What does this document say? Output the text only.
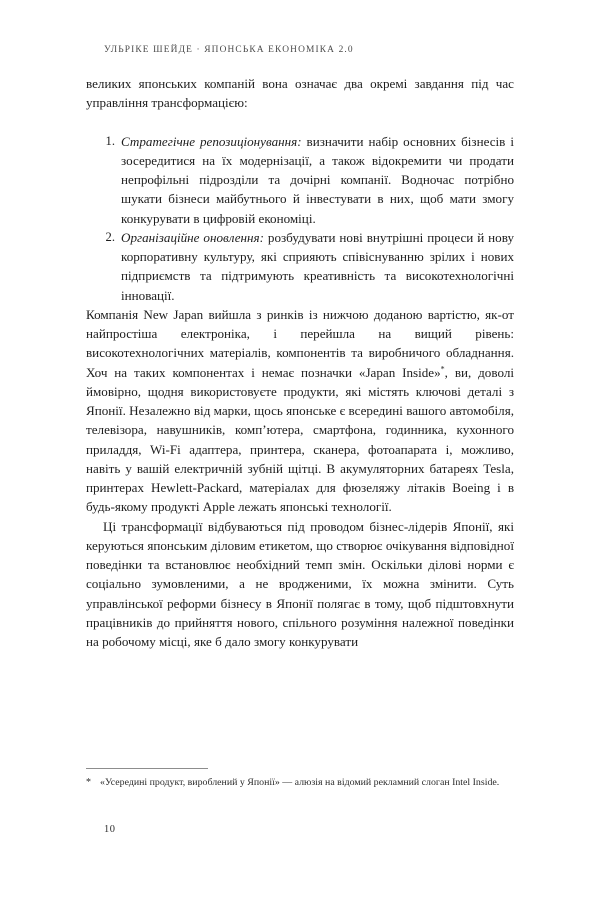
УЛЬРІКЕ ШЕЙДЕ · ЯПОНСЬКА ЕКОНОМІКА 2.0

великих японських компаній вона означає два окремі завдання під час управління трансформацією:

Стратегічне репозиціонування: визначити набір основних бізнесів і зосередитися на їх модернізації, а також відокремити чи продати непрофільні підрозділи та дочірні компанії. Водночас потрібно шукати бізнеси майбутнього й інвестувати в них, щоб мати змогу конкурувати в цифровій економіці.
Організаційне оновлення: розбудувати нові внутрішні процеси й нову корпоративну культуру, які сприяють співіснуванню зрілих і нових підприємств та підтримують креативність та високотехнологічні інновації.

Компанія New Japan вийшла з ринків із нижчою доданою вартістю, як-от найпростіша електроніка, і перейшла на вищий рівень: високотехнологічних матеріалів, компонентів та виробничого обладнання. Хоч на таких компонентах і немає позначки «Japan Inside»*, ви, доволі ймовірно, щодня використовуєте продукти, які містять ключові деталі з Японії. Незалежно від марки, щось японське є всередині вашого автомобіля, телевізора, навушників, комп’ютера, смартфона, годинника, кухонного приладдя, Wi-Fi адаптера, принтера, сканера, фотоапарата і, можливо, навіть у вашій електричній зубній щітці. В акумуляторних батареях Tesla, принтерах Hewlett-Packard, матеріалах для фюзеляжу літаків Boeing і в будь-якому продукті Apple лежать японські технології.

Ці трансформації відбуваються під проводом бізнес-лідерів Японії, які керуються японським діловим етикетом, що створює очікування відповідної поведінки та встановлює необхідний темп змін. Оскільки ділові норми є соціально зумовленими, а не вродженими, їх можна змінити. Суть управлінської реформи бізнесу в Японії полягає в тому, щоб підштовхнути працівників до прийняття нового, спільного розуміння належної поведінки на робочому місці, яке б дало змогу конкурувати

* «Усередині продукт, вироблений у Японії» — алюзія на відомий рекламний слоган Intel Inside.
10
